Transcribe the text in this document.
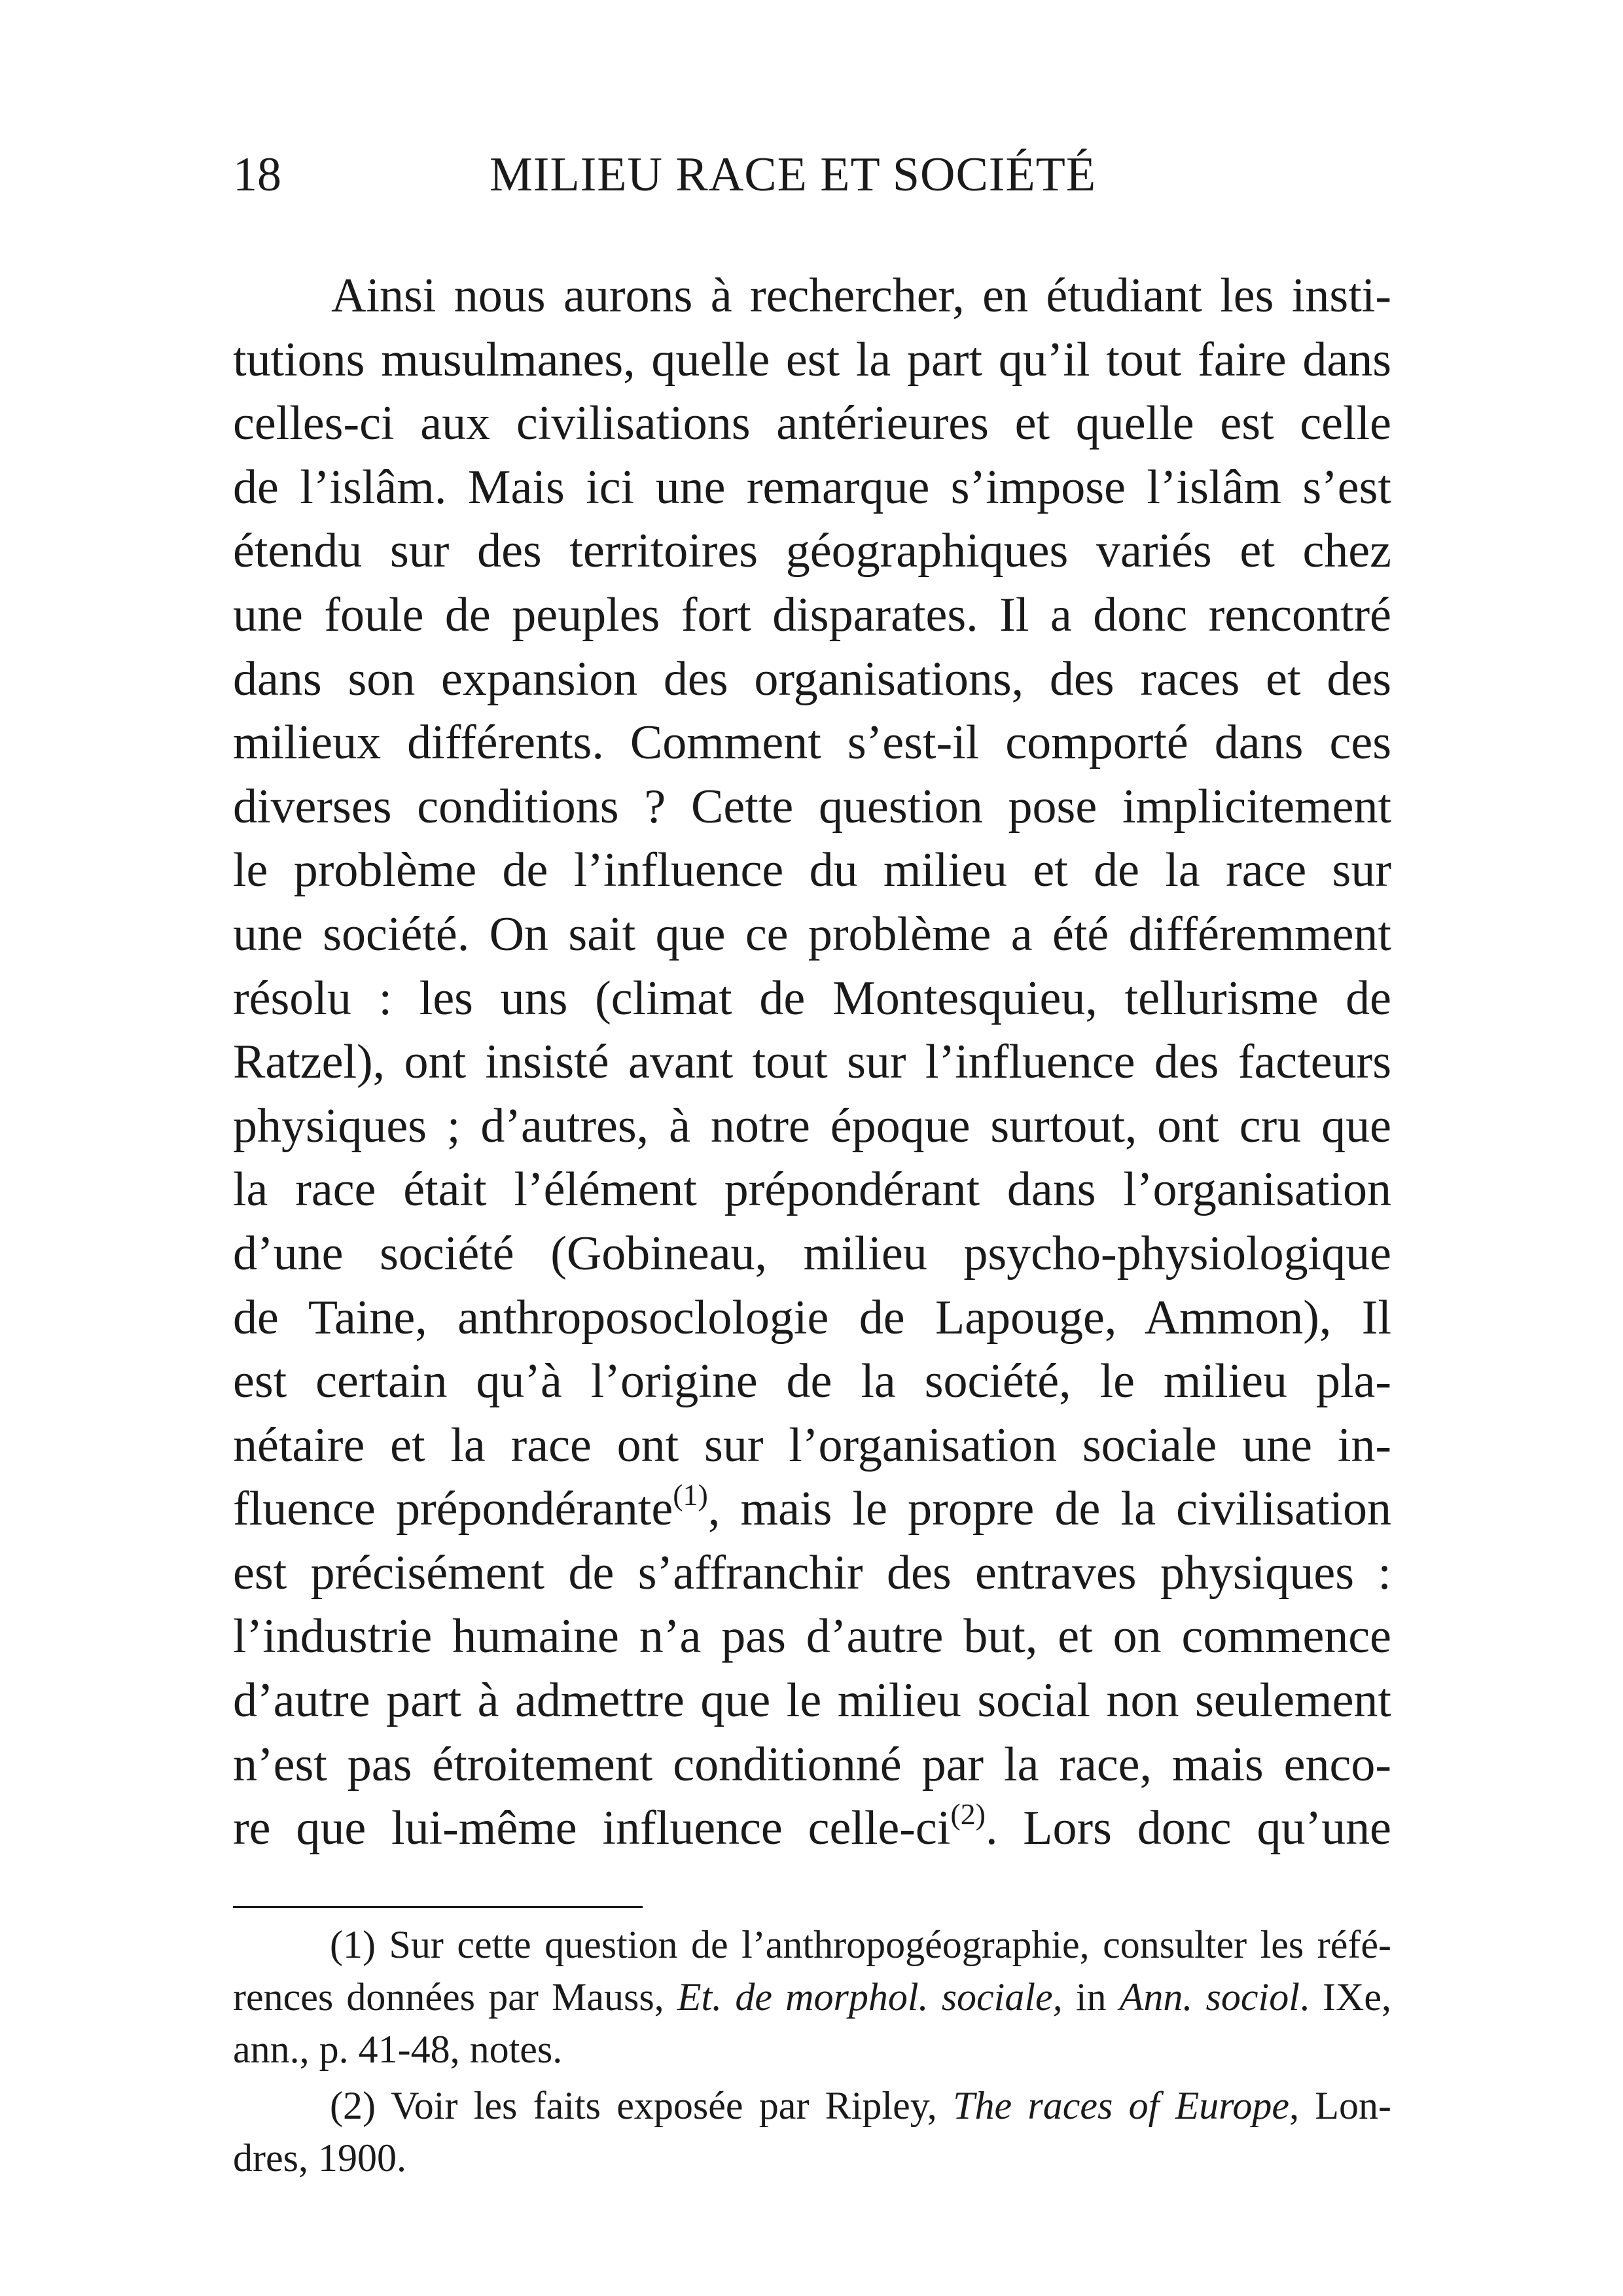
18	MILIEU RACE ET SOCIÉTÉ
Ainsi nous aurons à rechercher, en étudiant les insti-
tutions musulmanes, quelle est la part qu’il tout faire dans
celles-ci aux civilisations antérieures et quelle est celle
de l’islâm. Mais ici une remarque s’impose l’islâm s’est
étendu sur des territoires géographiques variés et chez
une foule de peuples fort disparates. Il a donc rencontré
dans son expansion des organisations, des races et des
milieux différents. Comment s’est-il comporté dans ces
diverses conditions ? Cette question pose implicitement
le problème de l’influence du milieu et de la race sur
une société. On sait que ce problème a été différemment
résolu : les uns (climat de Montesquieu, tellurisme de
Ratzel), ont insisté avant tout sur l’influence des facteurs
physiques ; d’autres, à notre époque surtout, ont cru que
la race était l’élément prépondérant dans l’organisation
d’une société (Gobineau, milieu psycho-physiologique
de Taine, anthroposoclologie de Lapouge, Ammon), Il
est certain qu’à l’origine de la société, le milieu pla-
nétaire et la race ont sur l’organisation sociale une in-
fluence prépondérante$^{(1)}$, mais le propre de la civilisation
est précisément de s’affranchir des entraves physiques :
l’industrie humaine n’a pas d’autre but, et on commence
d’autre part à admettre que le milieu social non seulement
n’est pas étroitement conditionné par la race, mais enco-
re que lui-même influence celle-$ci^{(2)}$. Lors donc qu’une
(1) Sur cette question de l’anthropogéographie, consulter les réfé-
rences données par Mauss, Et. de morphol. sociale, in Ann. sociol. IXe,
ann., p. 41-48, notes.
(2) Voir les faits exposée par Ripley, The races of Europe, Lon-
dres, 1900.
